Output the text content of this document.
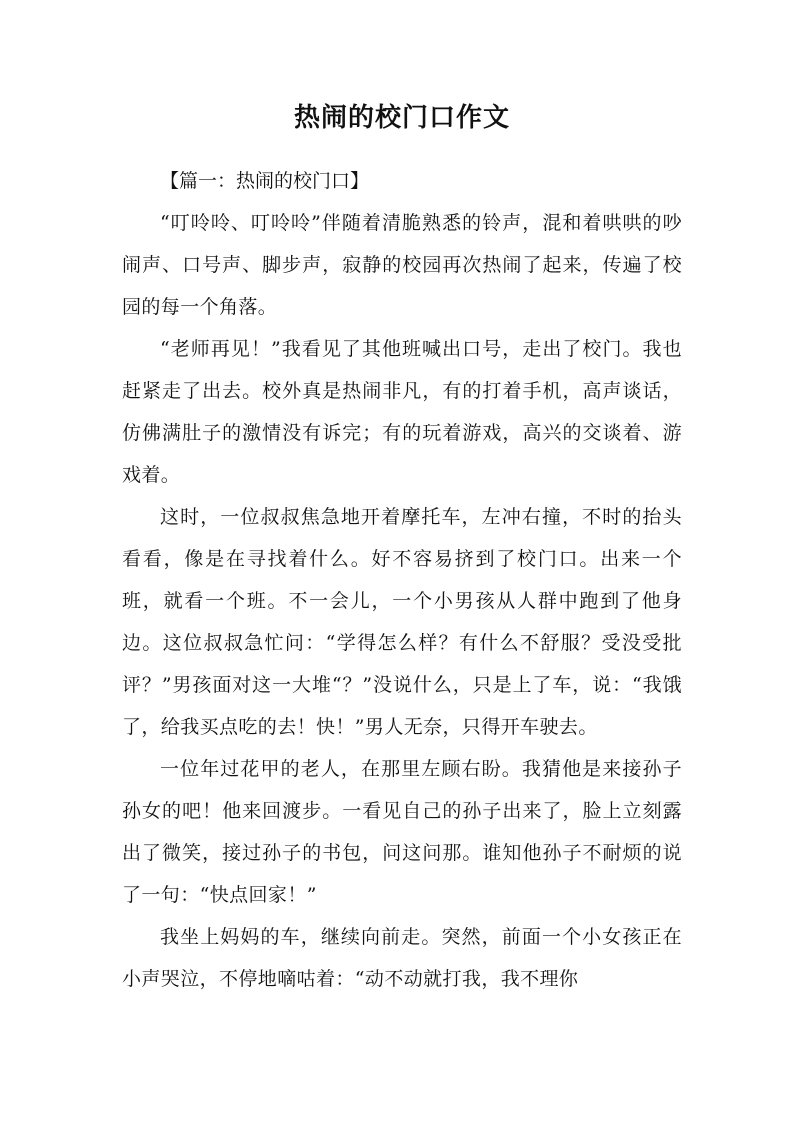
热闹的校门口作文

【篇一：热闹的校门口】

“叮呤呤、叮呤呤”伴随着清脆熟悉的铃声，混和着哄哄的吵闹声、口号声、脚步声，寂静的校园再次热闹了起来，传遍了校园的每一个角落。

“老师再见！”我看见了其他班喊出口号，走出了校门。我也赶紧走了出去。校外真是热闹非凡，有的打着手机，高声谈话，仿佛满肚子的激情没有诉完；有的玩着游戏，高兴的交谈着、游戏着。

这时，一位叔叔焦急地开着摩托车，左冲右撞，不时的抬头看看，像是在寻找着什么。好不容易挤到了校门口。出来一个班，就看一个班。不一会儿，一个小男孩从人群中跑到了他身边。这位叔叔急忙问：“学得怎么样？有什么不舒服？受没受批评？”男孩面对这一大堆“？”没说什么，只是上了车，说：“我饿了，给我买点吃的去！快！”男人无奈，只得开车驶去。

一位年过花甲的老人，在那里左顾右盼。我猜他是来接孙子孙女的吧！他来回渡步。一看见自己的孙子出来了，脸上立刻露出了微笑，接过孙子的书包，问这问那。谁知他孙子不耐烦的说了一句：“快点回家！”

我坐上妈妈的车，继续向前走。突然，前面一个小女孩正在小声哭泣，不停地嘀咕着：“动不动就打我，我不理你
